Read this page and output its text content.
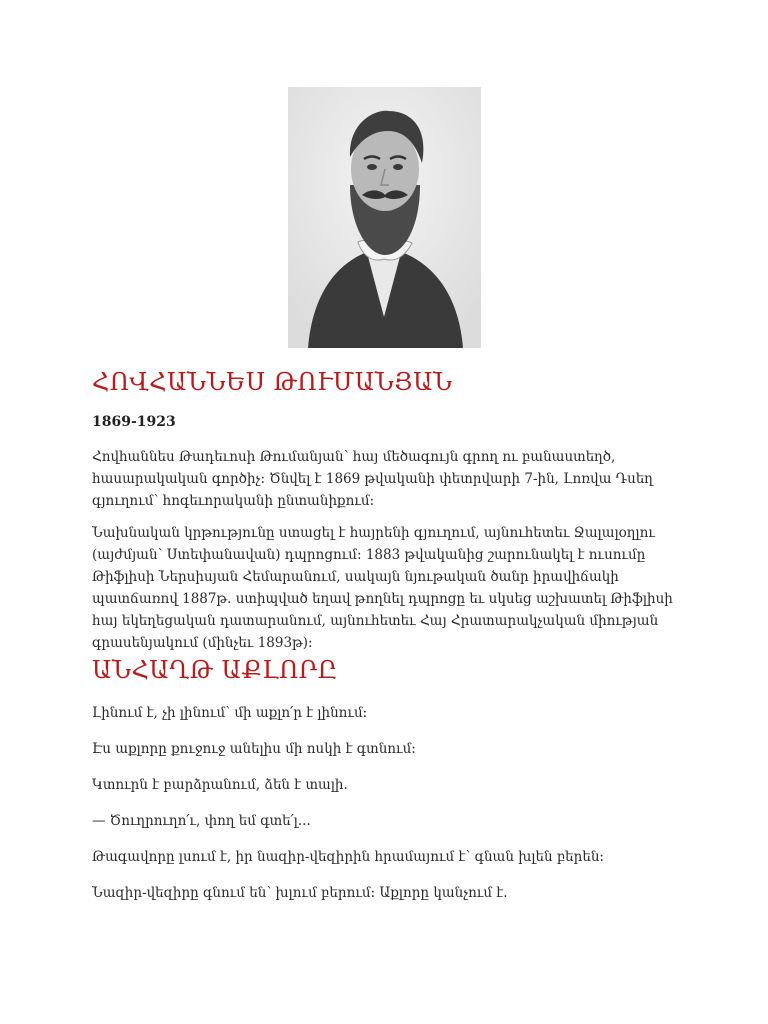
ՀՈՎՀԱՆՆԵՍ ԹՈՒՄԱՆՅԱՆ

1869-1923

Հովհաննես Թադեւոսի Թումանյան՝ հայ մեծագույն գրող ու բանաստեղծ, հասարակական գործիչ: Ծնվել է 1869 թվականի փետրվարի 7-ին, Լոռվա Դսեղ գյուղում՝ հոգեւորականի ընտանիքում:

Նախնական կրթությունը ստացել է հայրենի գյուղում, այնուհետեւ Ջալալօղլու (այժմյան՝ Ստեփանավան) դպրոցում: 1883 թվականից շարունակել է ուսումը Թիֆլիսի Ներսիսյան Հեմարանում, սակայն նյութական ծանր իրավիճակի պատճառով 1887թ. ստիպված եղավ թողնել դպրոցը եւ սկսեց աշխատել Թիֆլիսի հայ եկեղեցական դատարանում, այնուհետեւ Հայ Հրատարակչական միության գրասենյակում (մինչեւ 1893թ):

ԱՆՀԱՂԹ ԱՔԼՈՐԸ

Լինում է, չի լինում՝ մի աքլո՛ր է լինում:

Էս աքլորը քուջուջ անելիս մի ոսկի է գտնում:

Կտուրն է բարձրանում, ձեն է տալի.

— Ծուղրուղո՛ւ, փող եմ գտե՛լ...

Թագավորը լսում է, իր նազիր-վեզիրին հրամայում է՝ գնան խլեն բերեն:

Նազիր-վեզիրը գնում են՝ խլում բերում: Աքլորը կանչում է.
